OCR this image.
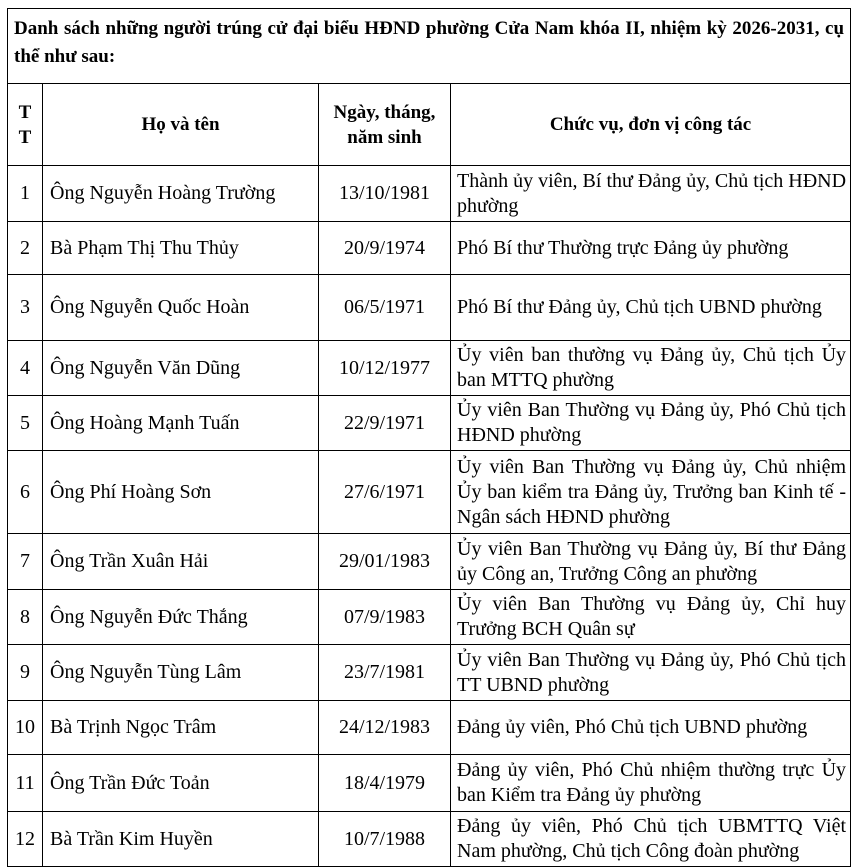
Danh sách những người trúng cử đại biểu HĐND phường Cửa Nam khóa II, nhiệm kỳ 2026-2031, cụ thể như sau:			
TT	Họ và tên	Ngày, tháng, năm sinh	Chức vụ, đơn vị công tác
1	Ông Nguyễn Hoàng Trường	13/10/1981	Thành ủy viên, Bí thư Đảng ủy, Chủ tịch HĐND phường
2	Bà Phạm Thị Thu Thủy	20/9/1974	Phó Bí thư Thường trực Đảng ủy phường
3	Ông Nguyễn Quốc Hoàn	06/5/1971	Phó Bí thư Đảng ủy, Chủ tịch UBND phường
4	Ông Nguyễn Văn Dũng	10/12/1977	Ủy viên ban thường vụ Đảng ủy, Chủ tịch Ủy ban MTTQ phường
5	Ông Hoàng Mạnh Tuấn	22/9/1971	Ủy viên Ban Thường vụ Đảng ủy, Phó Chủ tịch HĐND phường
6	Ông Phí Hoàng Sơn	27/6/1971	Ủy viên Ban Thường vụ Đảng ủy, Chủ nhiệm Ủy ban kiểm tra Đảng ủy, Trưởng ban Kinh tế - Ngân sách HĐND phường
7	Ông Trần Xuân Hải	29/01/1983	Ủy viên Ban Thường vụ Đảng ủy, Bí thư Đảng ủy Công an, Trưởng Công an phường
8	Ông Nguyễn Đức Thắng	07/9/1983	Ủy viên Ban Thường vụ Đảng ủy, Chỉ huy Trưởng BCH Quân sự
9	Ông Nguyễn Tùng Lâm	23/7/1981	Ủy viên Ban Thường vụ Đảng ủy, Phó Chủ tịch TT UBND phường
10	Bà Trịnh Ngọc Trâm	24/12/1983	Đảng ủy viên, Phó Chủ tịch UBND phường
11	Ông Trần Đức Toản	18/4/1979	Đảng ủy viên, Phó Chủ nhiệm thường trực Ủy ban Kiểm tra Đảng ủy phường
12	Bà Trần Kim Huyền	10/7/1988	Đảng ủy viên, Phó Chủ tịch UBMTTQ Việt Nam phường, Chủ tịch Công đoàn phường
